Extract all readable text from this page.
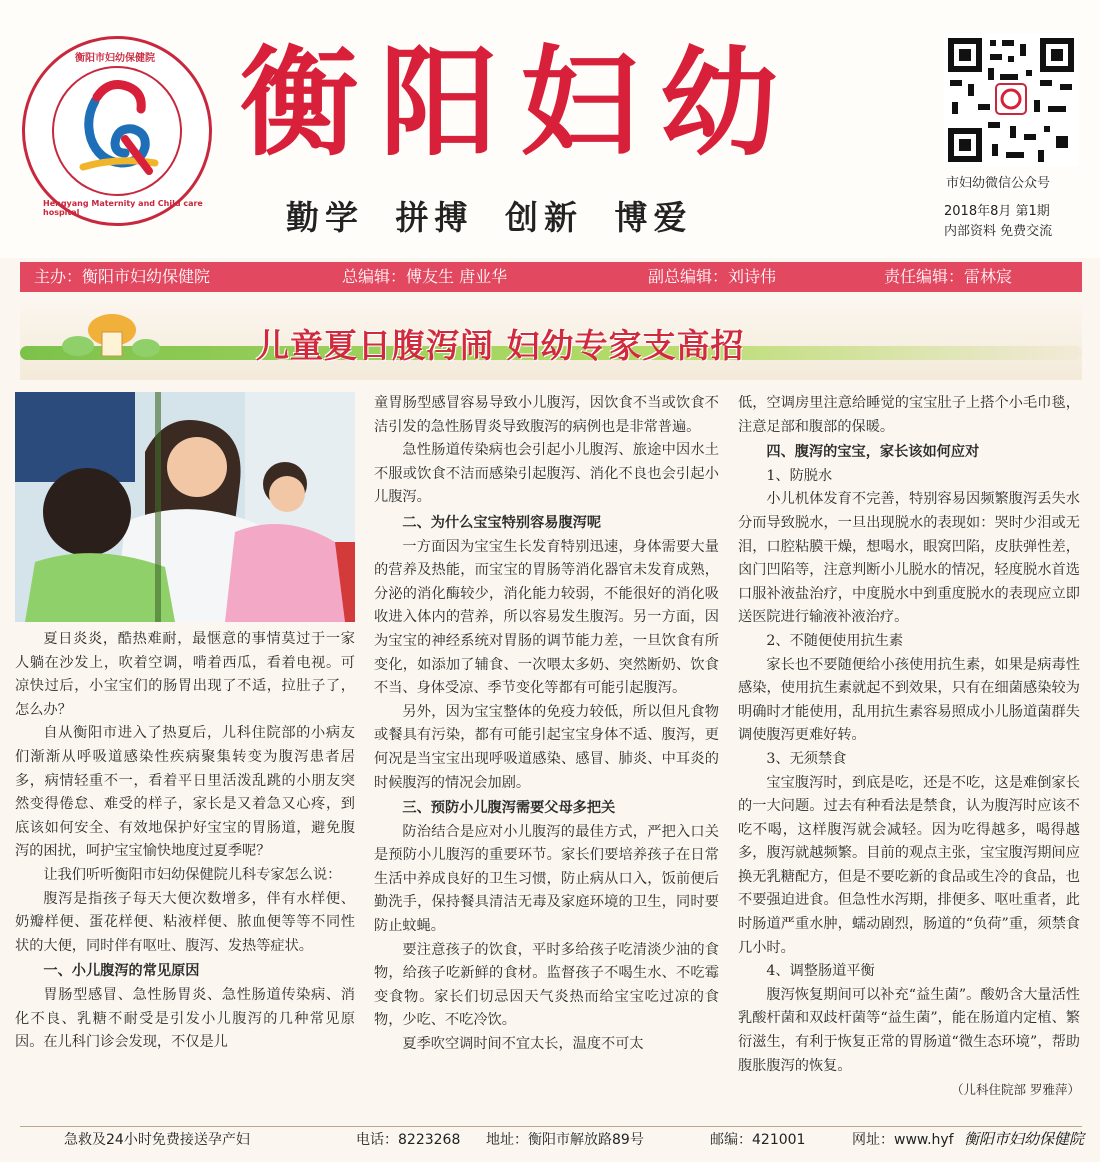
衡阳市妇幼保健院
Hengyang Maternity and Child care hospital
衡阳妇幼
勤学 拼搏 创新 博爱
市妇幼微信公众号
2018年8月 第1期
内部资料 免费交流
主办：衡阳市妇幼保健院	总编辑：傅友生 唐业华	副总编辑：刘诗伟	责任编辑：雷林宸
儿童夏日腹泻闹 妇幼专家支高招

夏日炎炎，酷热难耐，最惬意的事情莫过于一家人躺在沙发上，吹着空调，啃着西瓜，看着电视。可凉快过后，小宝宝们的肠胃出现了不适，拉肚子了，怎么办？

自从衡阳市进入了热夏后，儿科住院部的小病友们渐渐从呼吸道感染性疾病聚集转变为腹泻患者居多，病情轻重不一，看着平日里活泼乱跳的小朋友突然变得倦怠、难受的样子，家长是又着急又心疼，到底该如何安全、有效地保护好宝宝的胃肠道，避免腹泻的困扰，呵护宝宝愉快地度过夏季呢？

让我们听听衡阳市妇幼保健院儿科专家怎么说：

腹泻是指孩子每天大便次数增多，伴有水样便、奶瓣样便、蛋花样便、粘液样便、脓血便等等不同性状的大便，同时伴有呕吐、腹泻、发热等症状。

一、小儿腹泻的常见原因

胃肠型感冒、急性肠胃炎、急性肠道传染病、消化不良、乳糖不耐受是引发小儿腹泻的几种常见原因。在儿科门诊会发现，不仅是儿

童胃肠型感冒容易导致小儿腹泻，因饮食不当或饮食不洁引发的急性肠胃炎导致腹泻的病例也是非常普遍。

急性肠道传染病也会引起小儿腹泻、旅途中因水土不服或饮食不洁而感染引起腹泻、消化不良也会引起小儿腹泻。

二、为什么宝宝特别容易腹泻呢

一方面因为宝宝生长发育特别迅速，身体需要大量的营养及热能，而宝宝的胃肠等消化器官未发育成熟，分泌的消化酶较少，消化能力较弱，不能很好的消化吸收进入体内的营养，所以容易发生腹泻。另一方面，因为宝宝的神经系统对胃肠的调节能力差，一旦饮食有所变化，如添加了辅食、一次喂太多奶、突然断奶、饮食不当、身体受凉、季节变化等都有可能引起腹泻。

另外，因为宝宝整体的免疫力较低，所以但凡食物或餐具有污染，都有可能引起宝宝身体不适、腹泻，更何况是当宝宝出现呼吸道感染、感冒、肺炎、中耳炎的时候腹泻的情况会加剧。

三、预防小儿腹泻需要父母多把关

防治结合是应对小儿腹泻的最佳方式，严把入口关是预防小儿腹泻的重要环节。家长们要培养孩子在日常生活中养成良好的卫生习惯，防止病从口入，饭前便后勤洗手，保持餐具清洁无毒及家庭环境的卫生，同时要防止蚊蝇。

要注意孩子的饮食，平时多给孩子吃清淡少油的食物，给孩子吃新鲜的食材。监督孩子不喝生水、不吃霉变食物。家长们切忌因天气炎热而给宝宝吃过凉的食物，少吃、不吃冷饮。

夏季吹空调时间不宜太长，温度不可太

低，空调房里注意给睡觉的宝宝肚子上搭个小毛巾毯，注意足部和腹部的保暖。

四、腹泻的宝宝，家长该如何应对
1、防脱水

小儿机体发育不完善，特别容易因频繁腹泻丢失水分而导致脱水，一旦出现脱水的表现如：哭时少泪或无泪，口腔粘膜干燥，想喝水，眼窝凹陷，皮肤弹性差，囟门凹陷等，注意判断小儿脱水的情况，轻度脱水首选口服补液盐治疗，中度脱水中到重度脱水的表现应立即送医院进行输液补液治疗。

2、不随便使用抗生素

家长也不要随便给小孩使用抗生素，如果是病毒性感染，使用抗生素就起不到效果，只有在细菌感染较为明确时才能使用，乱用抗生素容易照成小儿肠道菌群失调使腹泻更难好转。

3、无须禁食

宝宝腹泻时，到底是吃，还是不吃，这是难倒家长的一大问题。过去有种看法是禁食，认为腹泻时应该不吃不喝，这样腹泻就会减轻。因为吃得越多，喝得越多，腹泻就越频繁。目前的观点主张，宝宝腹泻期间应换无乳糖配方，但是不要吃新的食品或生冷的食品，也不要强迫进食。但急性水泻期，排便多、呕吐重者，此时肠道严重水肿，蠕动剧烈，肠道的“负荷”重，须禁食几小时。

4、调整肠道平衡

腹泻恢复期间可以补充“益生菌”。酸奶含大量活性乳酸杆菌和双歧杆菌等“益生菌”，能在肠道内定植、繁衍滋生，有利于恢复正常的胃肠道“微生态环境”，帮助腹胀腹泻的恢复。

（儿科住院部 罗雅萍）
急救及24小时免费接送孕产妇	电话：8223268 地址：衡阳市解放路89号	邮编：421001	网址：www.hyf 衡阳市妇幼保健院
